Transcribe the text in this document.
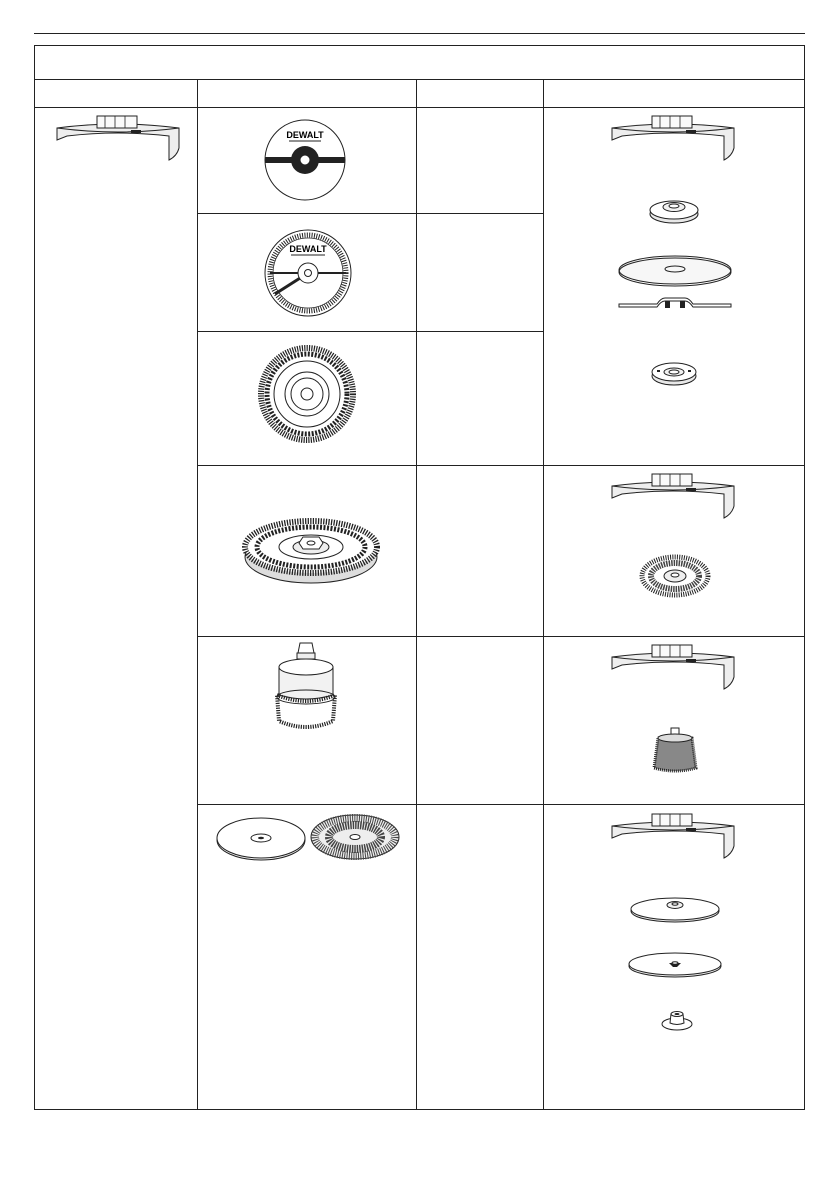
DEWALT
DEWALT
